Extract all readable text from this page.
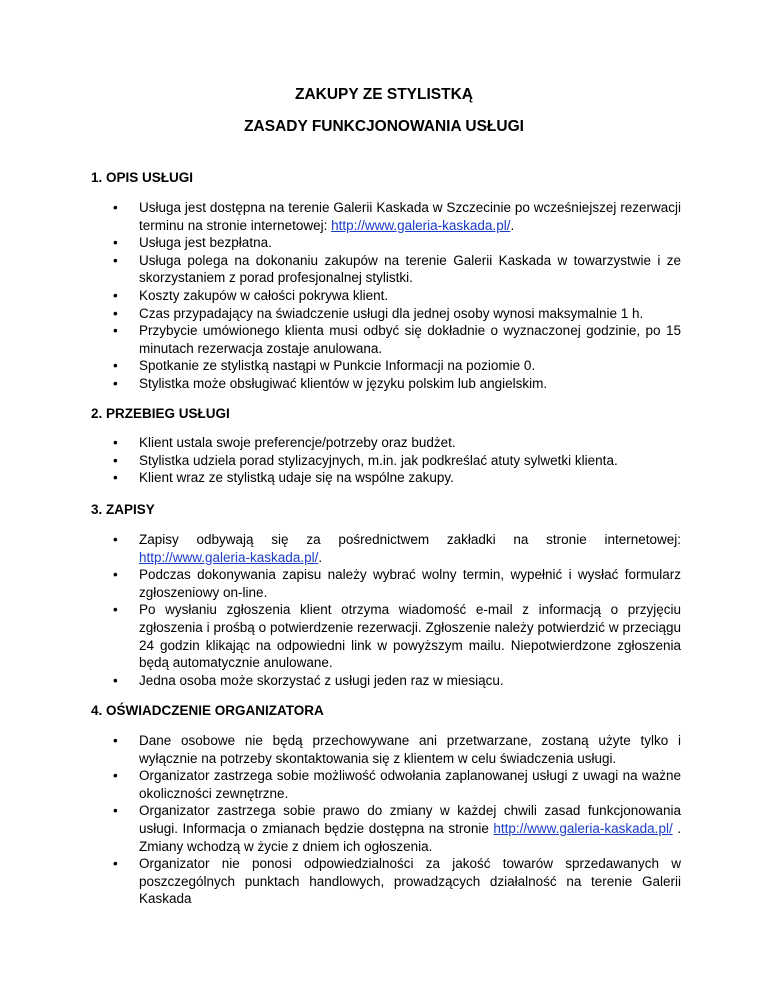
ZAKUPY ZE STYLISTKĄ
ZASADY FUNKCJONOWANIA USŁUGI

1. OPIS USŁUGI

• Usługa jest dostępna na terenie Galerii Kaskada w Szczecinie po wcześniejszej rezerwacji terminu na stronie internetowej: http://www.galeria-kaskada.pl/.
• Usługa jest bezpłatna.
• Usługa polega na dokonaniu zakupów na terenie Galerii Kaskada w towarzystwie i ze skorzystaniem z porad profesjonalnej stylistki.
• Koszty zakupów w całości pokrywa klient.
• Czas przypadający na świadczenie usługi dla jednej osoby wynosi maksymalnie 1 h.
• Przybycie umówionego klienta musi odbyć się dokładnie o wyznaczonej godzinie, po 15 minutach rezerwacja zostaje anulowana.
• Spotkanie ze stylistką nastąpi w Punkcie Informacji na poziomie 0.
• Stylistka może obsługiwać klientów w języku polskim lub angielskim.

2. PRZEBIEG USŁUGI

• Klient ustala swoje preferencje/potrzeby oraz budżet.
• Stylistka udziela porad stylizacyjnych, m.in. jak podkreślać atuty sylwetki klienta.
• Klient wraz ze stylistką udaje się na wspólne zakupy.

3. ZAPISY

• Zapisy odbywają się za pośrednictwem zakładki na stronie internetowej: http://www.galeria-kaskada.pl/.
• Podczas dokonywania zapisu należy wybrać wolny termin, wypełnić i wysłać formularz zgłoszeniowy on-line.
• Po wysłaniu zgłoszenia klient otrzyma wiadomość e-mail z informacją o przyjęciu zgłoszenia i prośbą o potwierdzenie rezerwacji. Zgłoszenie należy potwierdzić w przeciągu 24 godzin klikając na odpowiedni link w powyższym mailu. Niepotwierdzone zgłoszenia będą automatycznie anulowane.
• Jedna osoba może skorzystać z usługi jeden raz w miesiącu.

4. OŚWIADCZENIE ORGANIZATORA

• Dane osobowe nie będą przechowywane ani przetwarzane, zostaną użyte tylko i wyłącznie na potrzeby skontaktowania się z klientem w celu świadczenia usługi.
• Organizator zastrzega sobie możliwość odwołania zaplanowanej usługi z uwagi na ważne okoliczności zewnętrzne.
• Organizator zastrzega sobie prawo do zmiany w każdej chwili zasad funkcjonowania usługi. Informacja o zmianach będzie dostępna na stronie http://www.galeria-kaskada.pl/ . Zmiany wchodzą w życie z dniem ich ogłoszenia.
• Organizator nie ponosi odpowiedzialności za jakość towarów sprzedawanych w poszczególnych punktach handlowych, prowadzących działalność na terenie Galerii Kaskada
